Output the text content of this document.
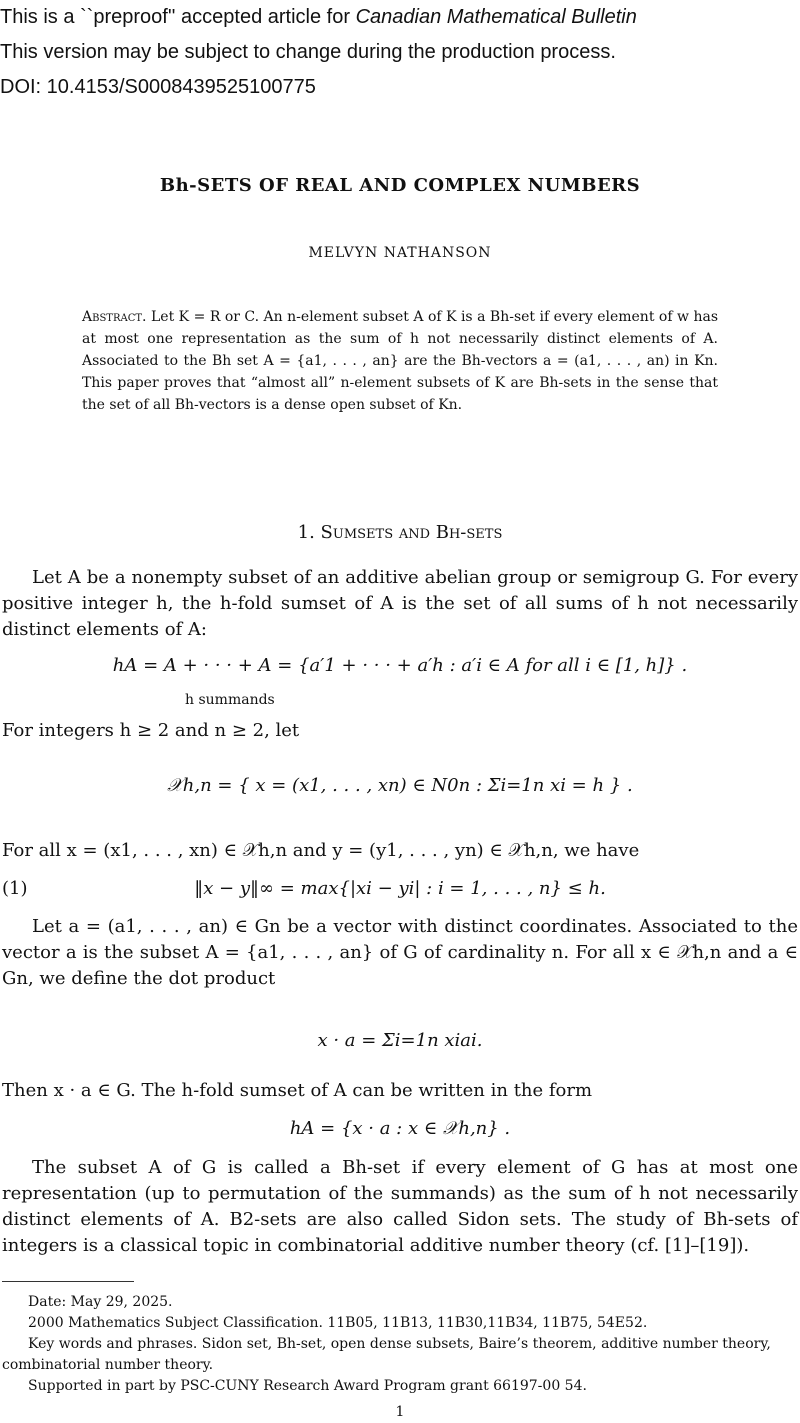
This is a ``preproof'' accepted article for Canadian Mathematical Bulletin
This version may be subject to change during the production process.
DOI: 10.4153/S0008439525100775
Bh-SETS OF REAL AND COMPLEX NUMBERS
MELVYN NATHANSON
Abstract. Let K = R or C. An n-element subset A of K is a Bh-set if every element of w has at most one representation as the sum of h not necessarily distinct elements of A. Associated to the Bh set A = {a1, . . . , an} are the Bh-vectors a = (a1, . . . , an) in Kn. This paper proves that “almost all” n-element subsets of K are Bh-sets in the sense that the set of all Bh-vectors is a dense open subset of Kn.
1. Sumsets and Bh-sets
Let A be a nonempty subset of an additive abelian group or semigroup G. For every positive integer h, the h-fold sumset of A is the set of all sums of h not necessarily distinct elements of A:
hA = A + · · · + A = {a′1 + · · · + a′h : a′i ∈ A for all i ∈ [1, h]} .
h summands
For integers h ≥ 2 and n ≥ 2, let
𝒳h,n = { x = (x1, . . . , xn) ∈ N0n : Σi=1n xi = h } .
For all x = (x1, . . . , xn) ∈ 𝒳h,n and y = (y1, . . . , yn) ∈ 𝒳h,n, we have
(1)	‖x − y‖∞ = max{|xi − yi| : i = 1, . . . , n} ≤ h.
Let a = (a1, . . . , an) ∈ Gn be a vector with distinct coordinates. Associated to the vector a is the subset A = {a1, . . . , an} of G of cardinality n. For all x ∈ 𝒳h,n and a ∈ Gn, we define the dot product
x · a = Σi=1n xiai.
Then x · a ∈ G. The h-fold sumset of A can be written in the form
hA = {x · a : x ∈ 𝒳h,n} .
The subset A of G is called a Bh-set if every element of G has at most one representation (up to permutation of the summands) as the sum of h not necessarily distinct elements of A. B2-sets are also called Sidon sets. The study of Bh-sets of integers is a classical topic in combinatorial additive number theory (cf. [1]–[19]).

Date: May 29, 2025.

2000 Mathematics Subject Classification. 11B05, 11B13, 11B30,11B34, 11B75, 54E52.

Key words and phrases. Sidon set, Bh-set, open dense subsets, Baire’s theorem, additive number theory, combinatorial number theory.

Supported in part by PSC-CUNY Research Award Program grant 66197-00 54.

1
